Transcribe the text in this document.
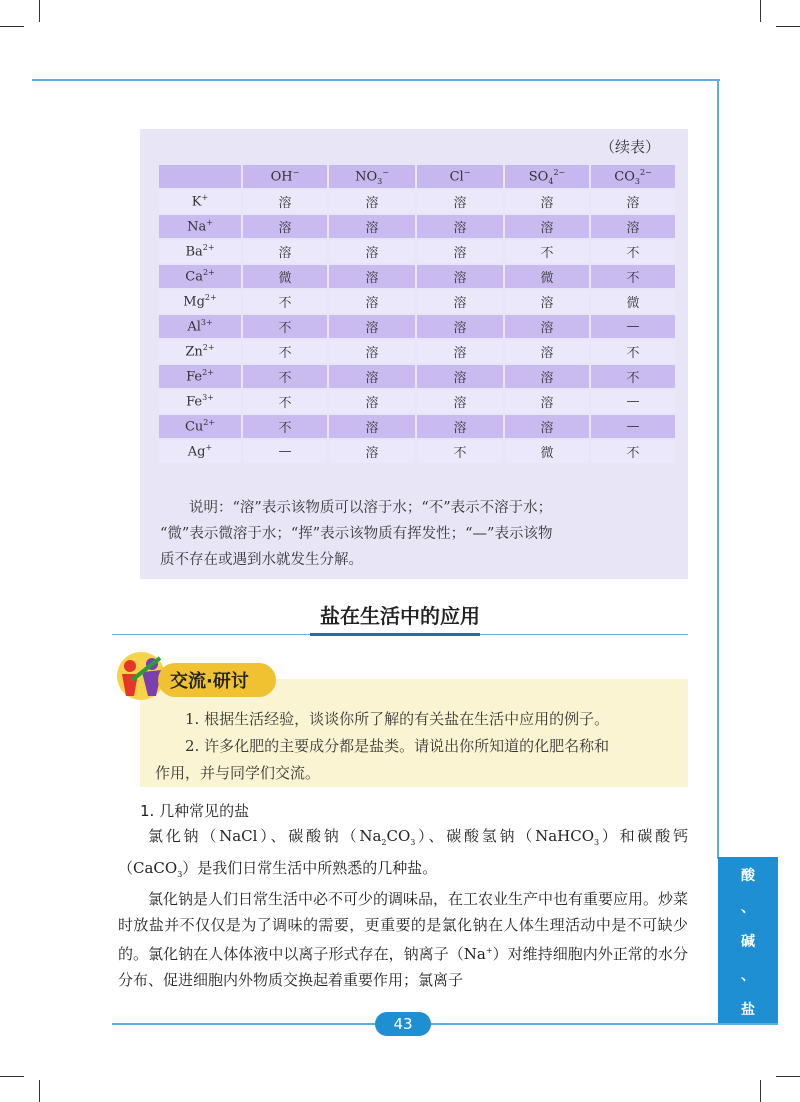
（续表）
	OH−	$NO_3^-$	Cl−	$SO_4^{2-}$	$CO_3^{2-}$
K+	溶	溶	溶	溶	溶
Na+	溶	溶	溶	溶	溶
$Ba^{2+}$	溶	溶	溶	不	不
$Ca^{2+}$	微	溶	溶	微	不
$Mg^{2+}$	不	溶	溶	溶	微
$Al^{3+}$	不	溶	溶	溶	—
$Zn^{2+}$	不	溶	溶	溶	不
$Fe^{2+}$	不	溶	溶	溶	不
$Fe^{3+}$	不	溶	溶	溶	—
$Cu^{2+}$	不	溶	溶	溶	—
Ag+	—	溶	不	微	不

说明：“溶”表示该物质可以溶于水；“不”表示不溶于水；

“微”表示微溶于水；“挥”表示该物质有挥发性；“—”表示该物

质不存在或遇到水就发生分解。

盐在生活中的应用
交流·研讨

1. 根据生活经验，谈谈你所了解的有关盐在生活中应用的例子。

2. 许多化肥的主要成分都是盐类。请说出你所知道的化肥名称和

作用，并与同学们交流。

1. 几种常见的盐

氯化钠（NaCl）、碳酸钠$(Na_2CO_3)$、碳酸氢钠（NaHCO$_3$）和碳酸钙（CaCO$_3$）是我们日常生活中所熟悉的几种盐。

氯化钠是人们日常生活中必不可少的调味品，在工农业生产中也有重要应用。炒菜时放盐并不仅仅是为了调味的需要，更重要的是氯化钠在人体生理活动中是不可缺少的。氯化钠在人体体液中以离子形式存在，钠离子（Na+）对维持细胞内外正常的水分分布、促进细胞内外物质交换起着重要作用；氯离子

酸
、
碱
、
盐
43
